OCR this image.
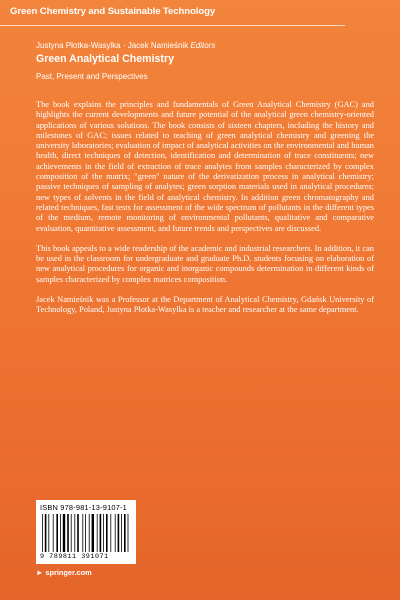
Green Chemistry and Sustainable Technology
Justyna Płotka-Wasylka · Jacek Namieśnik Editors
Green Analytical Chemistry
Past, Present and Perspectives

The book explains the principles and fundamentals of Green Analytical Chemistry (GAC) and highlights the current developments and future potential of the analytical green chemistry-oriented applications of various solutions. The book consists of sixteen chapters, including the history and milestones of GAC; issues related to teaching of green analytical chemistry and greening the university laboratories; evaluation of impact of analytical activities on the environmental and human health, direct techniques of detection, identification and determination of trace constituents; new achievements in the field of extraction of trace analytes from samples characterized by complex composition of the matrix; "green" nature of the derivatization process in analytical chemistry; passive techniques of sampling of analytes; green sorption materials used in analytical procedures; new types of solvents in the field of analytical chemistry. In addition green chromatography and related techniques, fast tests for assessment of the wide spectrum of pollutants in the different types of the medium, remote monitoring of environmental pollutants, qualitative and comparative evaluation, quantitative assessment, and future trends and perspectives are discussed.

This book appeals to a wide readership of the academic and industrial researchers. In addition, it can be used in the classroom for undergraduate and graduate Ph.D. students focusing on elaboration of new analytical procedures for organic and inorganic compounds determination in different kinds of samples characterized by complex matrices composition.

Jacek Namieśnik was a Professor at the Department of Analytical Chemistry, Gdańsk University of Technology, Poland, Justyna Płotka-Wasylka is a teacher and researcher at the same department.

ISBN 978-981-13-9107-1
9 789811 391071
► springer.com
